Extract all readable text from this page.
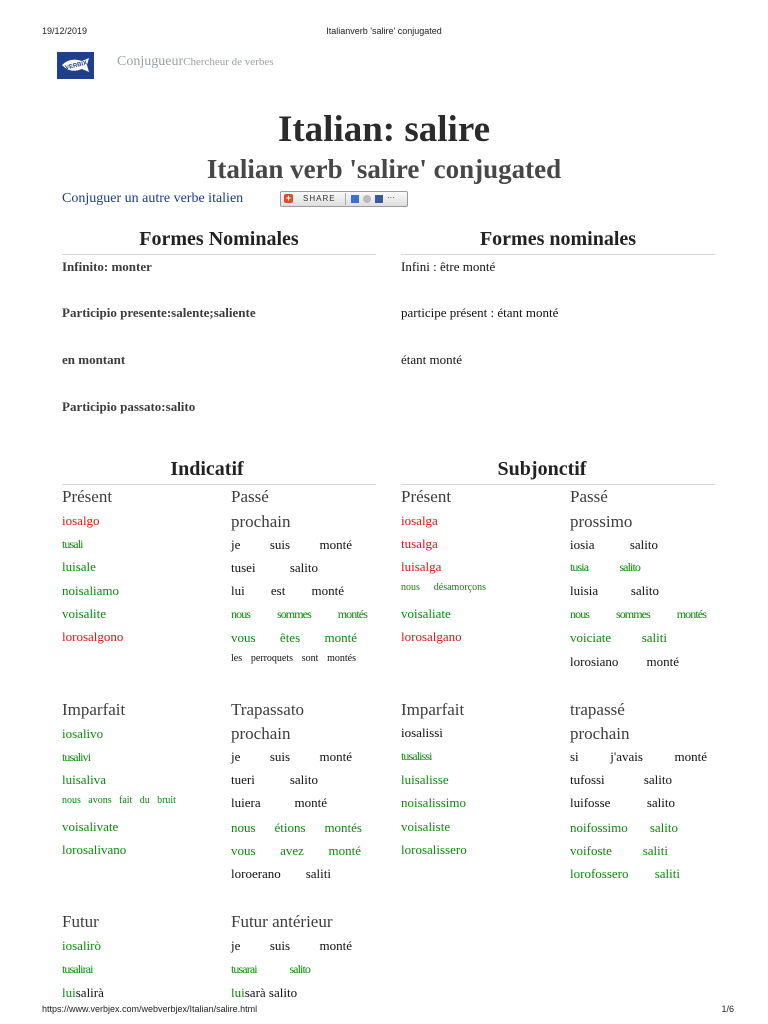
19/12/2019	Italianverb 'salire' conjugated
VERBIX ConjugueurChercheur de verbes
Italian: salire
Italian verb 'salire' conjugated
Conjuguer un autre verbe italien	+ SHARE	···
Formes Nominales	Formes nominales
Infinito: monter
Participio presente:salente;saliente
en montant
Participio passato:salito
Infini : être monté
participe présent : étant monté
étant monté
Indicatif	Subjonctif
Présent
iosalgo
tusali
luisale
noisaliamo
voisalite
lorosalgono
Passé
prochain
je suis monté
tusei	salito
lui est monté
nous sommes montés
vous êtes monté
les perroquets sont montés
Imparfait
iosalivo
tusalivi
luisaliva
nous avons fait du bruit
voisalivate
lorosalivano
Trapassato
prochain
je suis monté
tueri	salito
luiera	monté
nous étions montés
vous avez monté
loroerano saliti
Futur
iosalirò
tusalirai
luisalirà
Futur antérieur
je suis monté
tusarai	salito
luisarà salito
Présent
iosalga
tusalga
luisalga
nous désamorçons
voisaliate
lorosalgano
Passé
prossimo
iosia	salito
tusia	salito
luisia	salito
nous sommes montés
voiciate saliti
lorosiano monté
Imparfait
iosalissi
tusalissi
luisalisse
noisalissimo
voisaliste
lorosalissero
trapassé
prochain
si j'avais monté
tufossi	salito
luifosse	salito
noifossimo salito
voifoste saliti
lorofossero saliti
https://www.verbjex.com/webverbjex/Italian/salire.html	1/6
